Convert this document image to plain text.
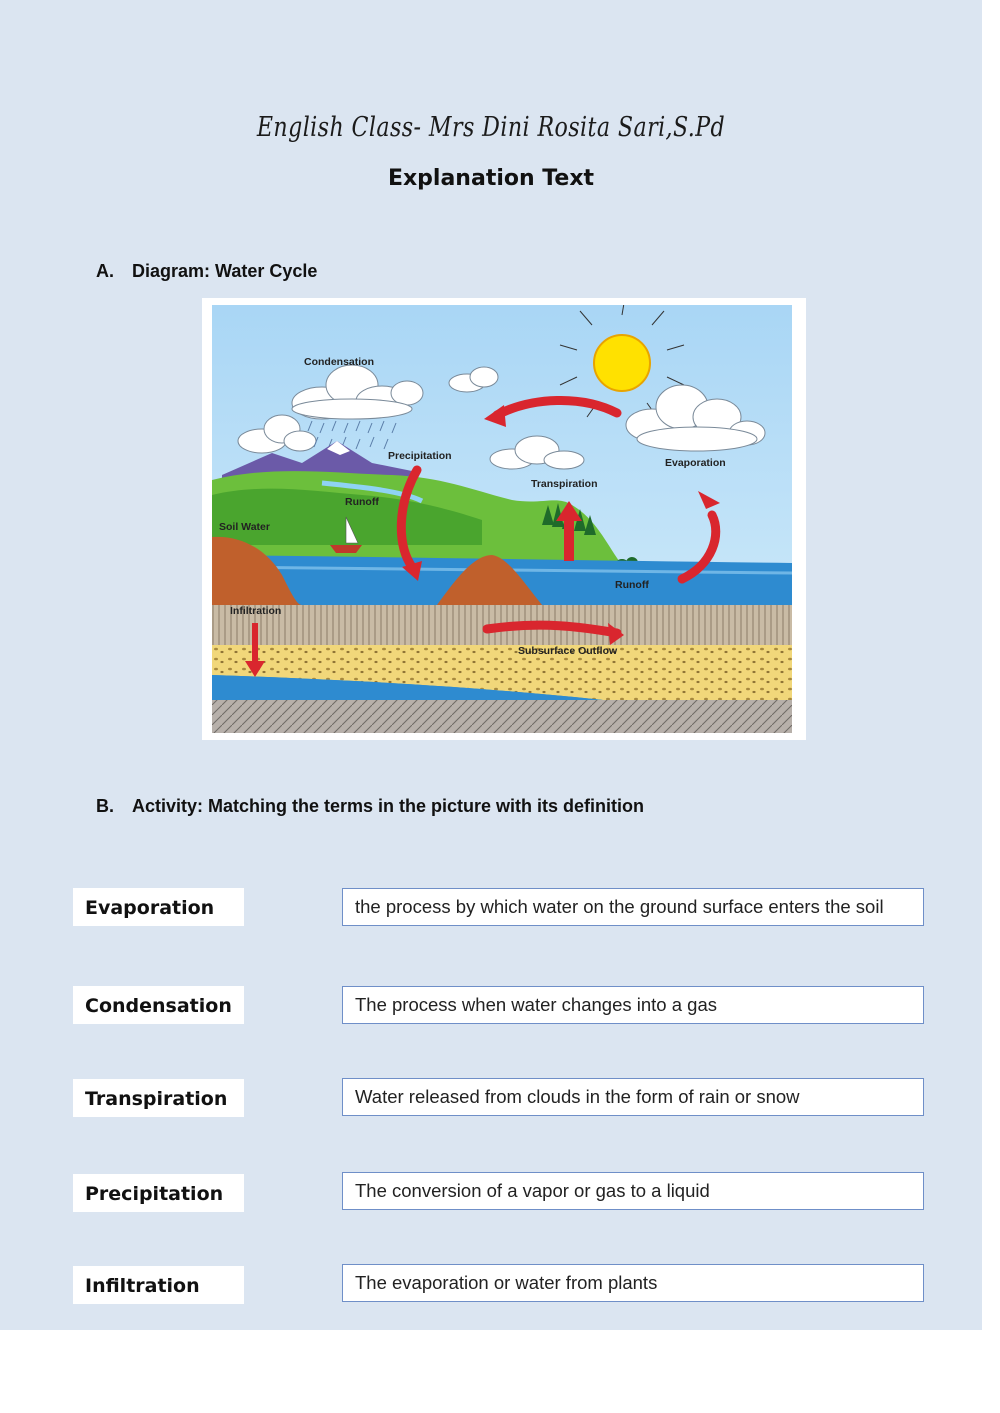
English Class- Mrs Dini Rosita Sari,S.Pd
Explanation Text
A. Diagram: Water Cycle
Condensation
Precipitation
Evaporation
Transpiration
Runoff
Soil Water
Runoff
Infiltration
Subsurface Outflow
B. Activity: Matching the terms in the picture with its definition
Evaporation
Condensation
Transpiration
Precipitation
Infiltration
the process by which water on the ground surface enters the soil
The process when water changes into a gas
Water released from clouds in the form of rain or snow
The conversion of a vapor or gas to a liquid
The evaporation or water from plants
